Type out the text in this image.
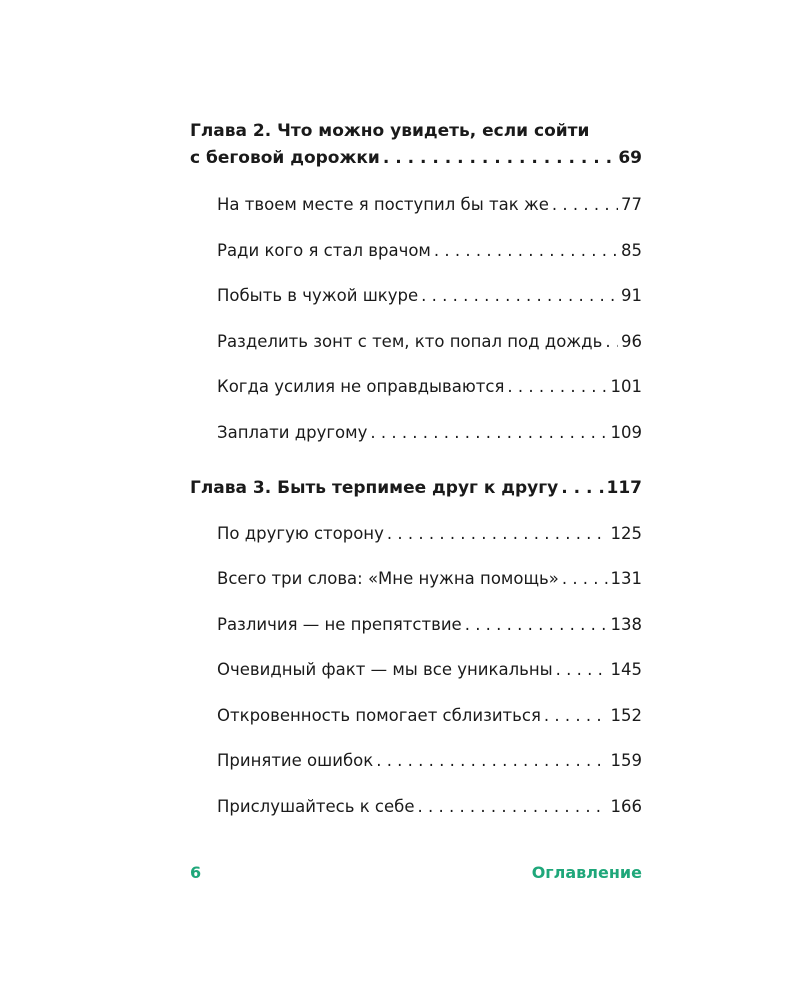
Глава 2. Что можно увидеть, если сойти
с беговой дорожки . . .	69
На твоем месте я поступил бы так же . . .	77
Ради кого я стал врачом . . .	85
Побыть в чужой шкуре . . .	91
Разделить зонт с тем, кто попал под дождь . . . 96
Когда усилия не оправдываются . . .	101
Заплати другому . . .	109
Глава 3. Быть терпимее друг к другу . . .	117
По другую сторону . . .	125
Всего три слова: «Мне нужна помощь» . . .	131
Различия — не препятствие . . .	138
Очевидный факт — мы все уникальны . . .	145
Откровенность помогает сблизиться . . .	152
Принятие ошибок . . .	159
Прислушайтесь к себе . . .	166
6	Оглавление
